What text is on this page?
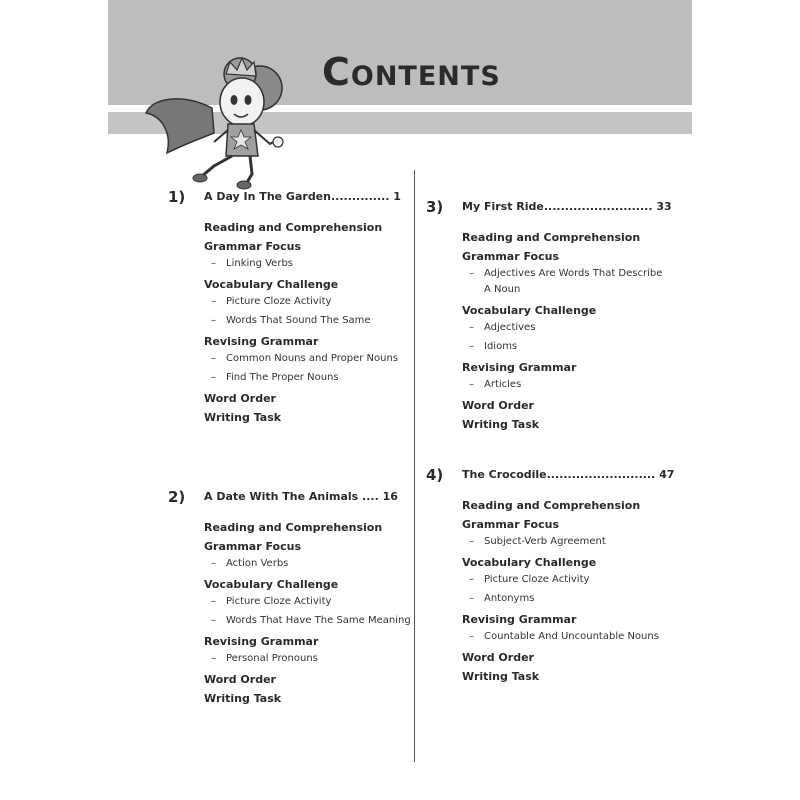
Contents
1) A Day In The Garden.............. 1
Reading and Comprehension
Grammar Focus
– Linking Verbs
Vocabulary Challenge
– Picture Cloze Activity
– Words That Sound The Same
Revising Grammar
– Common Nouns and Proper Nouns
– Find The Proper Nouns
Word Order
Writing Task
2) A Date With The Animals .... 16
Reading and Comprehension
Grammar Focus
– Action Verbs
Vocabulary Challenge
– Picture Cloze Activity
– Words That Have The Same Meaning
Revising Grammar
– Personal Pronouns
Word Order
Writing Task
3) My First Ride.......................... 33
Reading and Comprehension
Grammar Focus
– Adjectives Are Words That Describe A Noun
Vocabulary Challenge
– Adjectives
– Idioms
Revising Grammar
– Articles
Word Order
Writing Task
4) The Crocodile.......................... 47
Reading and Comprehension
Grammar Focus
– Subject-Verb Agreement
Vocabulary Challenge
– Picture Cloze Activity
– Antonyms
Revising Grammar
– Countable And Uncountable Nouns
Word Order
Writing Task
